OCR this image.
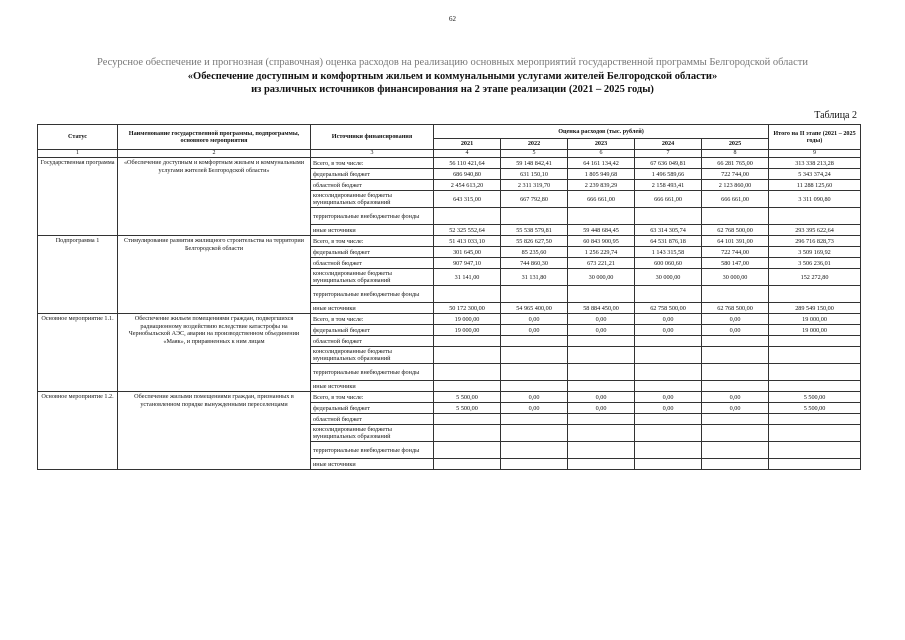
62
Ресурсное обеспечение и прогнозная (справочная) оценка расходов на реализацию основных мероприятий государственной программы Белгородской области
«Обеспечение доступным и комфортным жильем и коммунальными услугами жителей Белгородской области»
из различных источников финансирования на 2 этапе реализации (2021 – 2025 годы)
Таблица 2
Статус	Наименование государственной программы, подпрограммы, основного мероприятия	Источники финансирования	Оценка расходов (тыс. рублей)					Итого на II этапе (2021 – 2025 годы)
			2021	2022	2023	2024	2025	
1	2	3	4	5	6	7	8	9
Государственная программа	«Обеспечение доступным и комфортным жильем и коммунальными услугами жителей Белгородской области»	Всего, в том числе:	56 110 421,64	59 148 842,41	64 161 134,42	67 636 049,81	66 281 765,00	313 338 213,28
		федеральный бюджет	686 940,80	631 150,10	1 805 949,68	1 496 589,66	722 744,00	5 343 374,24
		областной бюджет	2 454 613,20	2 311 319,70	2 239 839,29	2 158 493,41	2 123 860,00	11 288 125,60
		консолидированные бюджеты муниципальных образований	643 315,00	667 792,80	666 661,00	666 661,00	666 661,00	3 311 090,80
		территориальные внебюджетные фонды						
		иные источники	52 325 552,64	55 538 579,81	59 448 684,45	63 314 305,74	62 768 500,00	293 395 622,64
Подпрограмма 1	Стимулирование развития жилищного строительства на территории Белгородской области	Всего, в том числе:	51 413 033,10	55 826 627,50	60 843 900,95	64 531 876,18	64 101 391,00	296 716 828,73
		федеральный бюджет	301 645,00	85 235,60	1 256 229,74	1 143 315,58	722 744,00	3 509 169,92
		областной бюджет	907 947,10	744 860,30	673 221,21	600 060,60	580 147,00	3 506 236,01
		консолидированные бюджеты муниципальных образований	31 141,00	31 131,80	30 000,00	30 000,00	30 000,00	152 272,80
		территориальные внебюджетные фонды						
		иные источники	50 172 300,00	54 965 400,00	58 884 450,00	62 758 500,00	62 768 500,00	289 549 150,00
Основное мероприятие 1.1.	Обеспечение жильем помещениями граждан, подвергшихся радиационному воздействию вследствие катастрофы на Чернобыльской АЭС, аварии на производственном объединении «Маяк», и приравненных к ним лицам	Всего, в том числе:	19 000,00	0,00	0,00	0,00	0,00	19 000,00
		федеральный бюджет	19 000,00	0,00	0,00	0,00	0,00	19 000,00
		областной бюджет						
		консолидированные бюджеты муниципальных образований						
		территориальные внебюджетные фонды						
		иные источники						
Основное мероприятие 1.2.	Обеспечение жилыми помещениями граждан, признанных в установленном порядке вынужденными переселенцами	Всего, в том числе:	5 500,00	0,00	0,00	0,00	0,00	5 500,00
		федеральный бюджет	5 500,00	0,00	0,00	0,00	0,00	5 500,00
		областной бюджет						
		консолидированные бюджеты муниципальных образований						
		территориальные внебюджетные фонды						
		иные источники						
